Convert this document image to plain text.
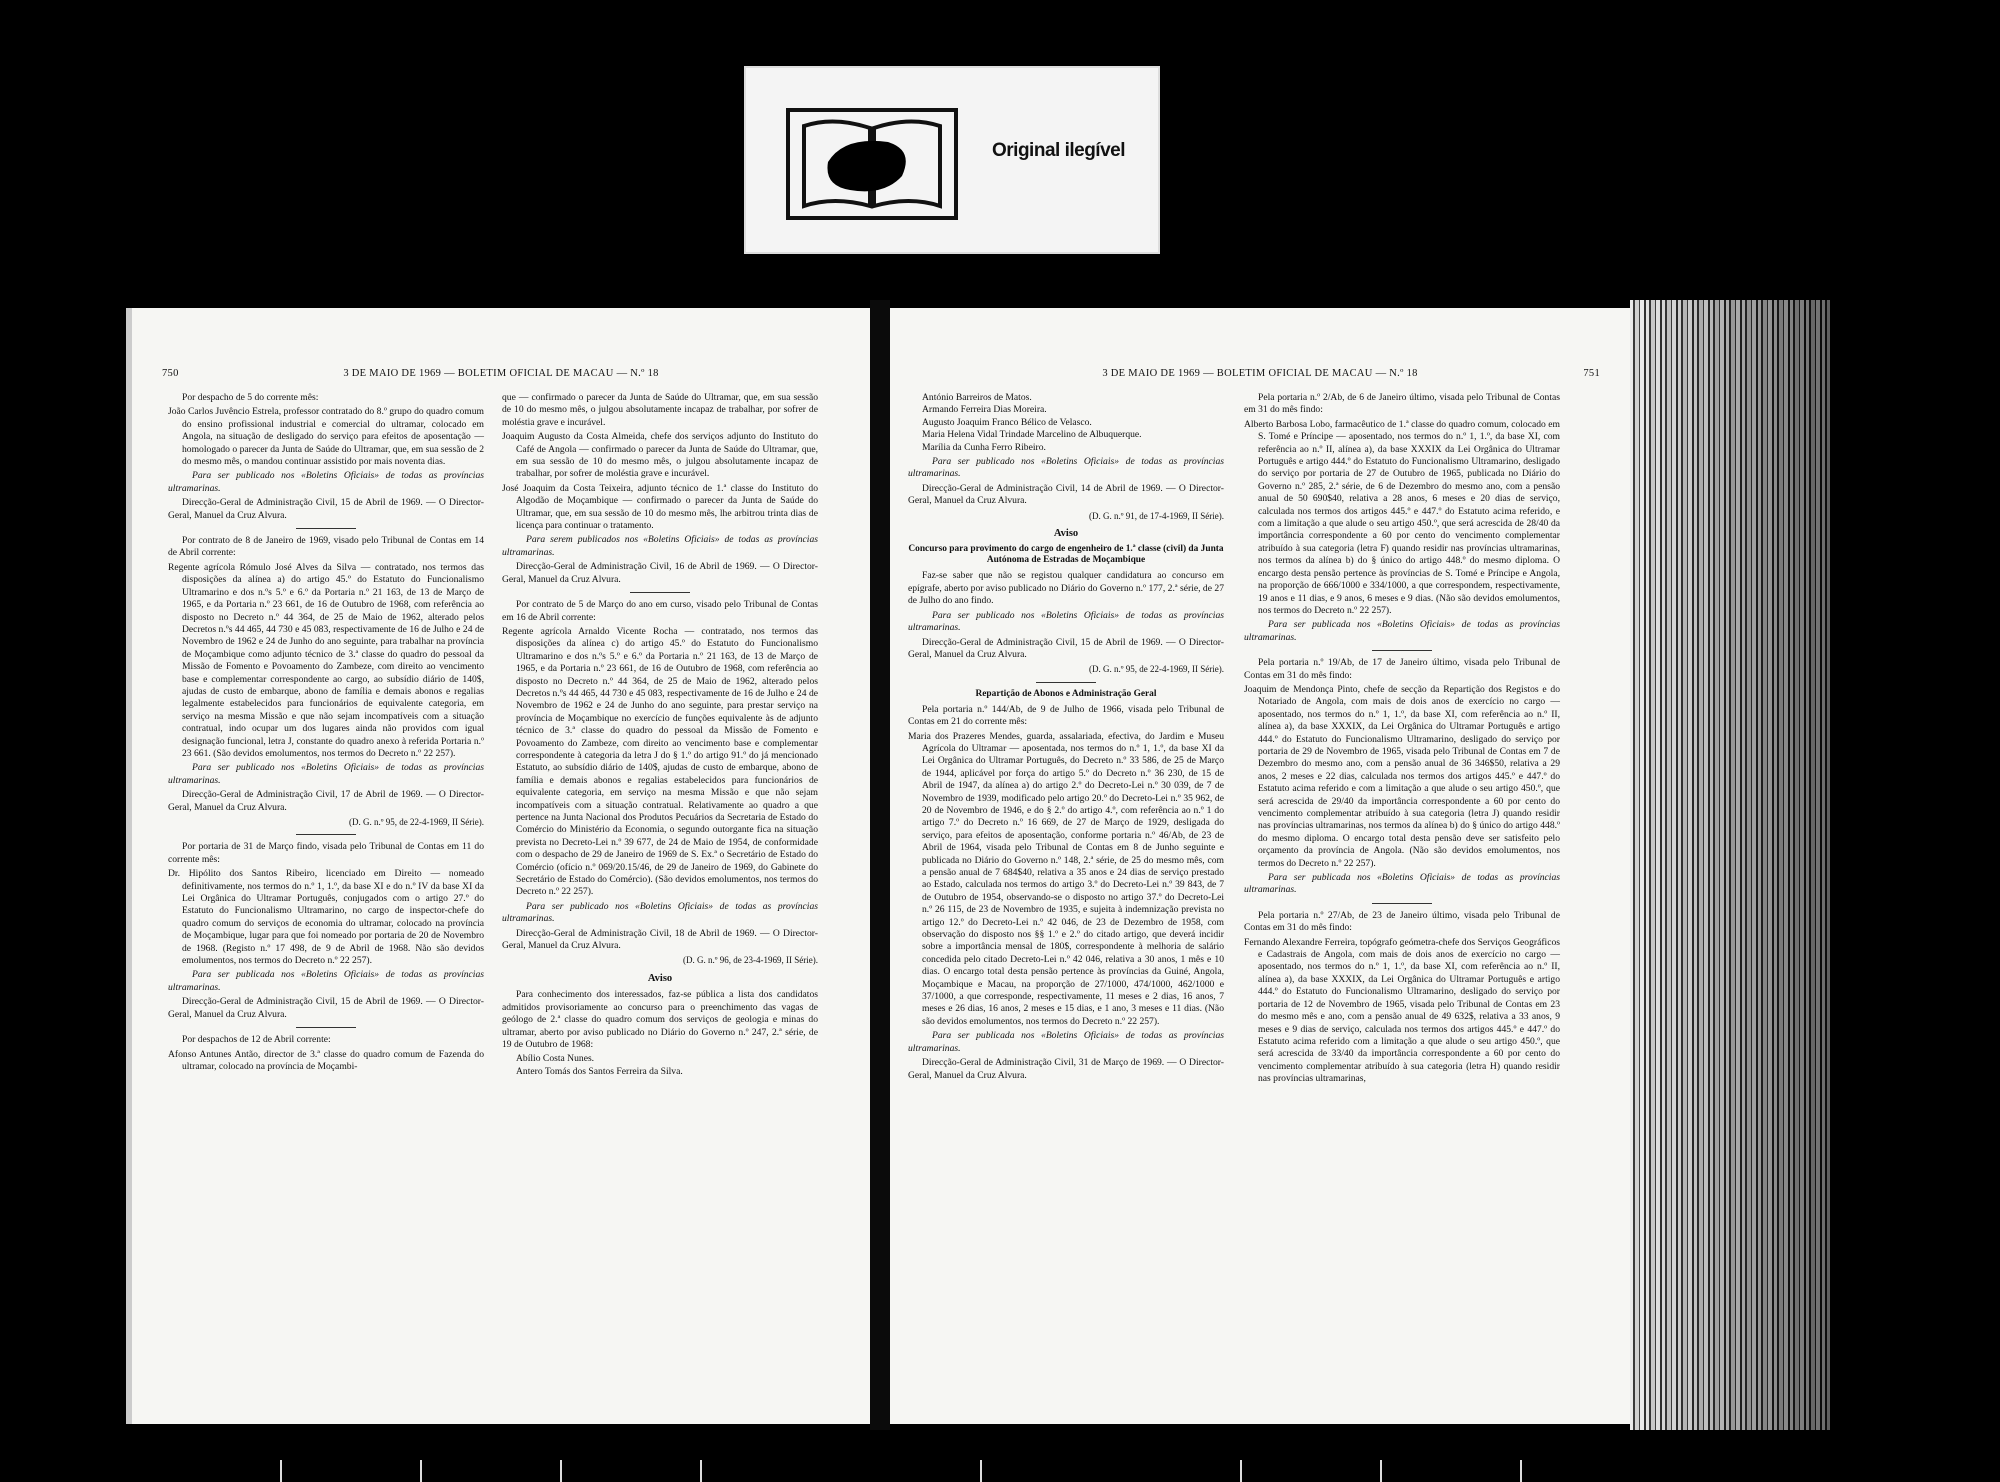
Original ilegível
750	3 DE MAIO DE 1969 — BOLETIM OFICIAL DE MACAU — N.º 18
Por despacho de 5 do corrente mês:
João Carlos Juvêncio Estrela, professor contratado do 8.º grupo do quadro comum do ensino profissional industrial e comercial do ultramar, colocado em Angola, na situação de desligado do serviço para efeitos de aposentação — homologado o parecer da Junta de Saúde do Ultramar, que, em sua sessão de 2 do mesmo mês, o mandou continuar assistido por mais noventa dias.
Para ser publicado nos «Boletins Oficiais» de todas as províncias ultramarinas.
Direcção-Geral de Administração Civil, 15 de Abril de 1969. — O Director-Geral, Manuel da Cruz Alvura.
Por contrato de 8 de Janeiro de 1969, visado pelo Tribunal de Contas em 14 de Abril corrente:
Regente agrícola Rómulo José Alves da Silva — contratado, nos termos das disposições da alínea a) do artigo 45.º do Estatuto do Funcionalismo Ultramarino e dos n.ºs 5.º e 6.º da Portaria n.º 21 163, de 13 de Março de 1965, e da Portaria n.º 23 661, de 16 de Outubro de 1968, com referência ao disposto no Decreto n.º 44 364, de 25 de Maio de 1962, alterado pelos Decretos n.ºs 44 465, 44 730 e 45 083, respectivamente de 16 de Julho e 24 de Novembro de 1962 e 24 de Junho do ano seguinte, para trabalhar na província de Moçambique como adjunto técnico de 3.ª classe do quadro do pessoal da Missão de Fomento e Povoamento do Zambeze, com direito ao vencimento base e complementar correspondente ao cargo, ao subsídio diário de 140$, ajudas de custo de embarque, abono de família e demais abonos e regalias legalmente estabelecidos para funcionários de equivalente categoria, em serviço na mesma Missão e que não sejam incompatíveis com a situação contratual, indo ocupar um dos lugares ainda não providos com igual designação funcional, letra J, constante do quadro anexo à referida Portaria n.º 23 661. (São devidos emolumentos, nos termos do Decreto n.º 22 257).
Para ser publicado nos «Boletins Oficiais» de todas as províncias ultramarinas.
Direcção-Geral de Administração Civil, 17 de Abril de 1969. — O Director-Geral, Manuel da Cruz Alvura.
(D. G. n.º 95, de 22-4-1969, II Série).
Por portaria de 31 de Março findo, visada pelo Tribunal de Contas em 11 do corrente mês:
Dr. Hipólito dos Santos Ribeiro, licenciado em Direito — nomeado definitivamente, nos termos do n.º 1, 1.º, da base XI e do n.º IV da base XI da Lei Orgânica do Ultramar Português, conjugados com o artigo 27.º do Estatuto do Funcionalismo Ultramarino, no cargo de inspector-chefe do quadro comum do serviços de economia do ultramar, colocado na província de Moçambique, lugar para que foi nomeado por portaria de 20 de Novembro de 1968. (Registo n.º 17 498, de 9 de Abril de 1968. Não são devidos emolumentos, nos termos do Decreto n.º 22 257).
Para ser publicada nos «Boletins Oficiais» de todas as províncias ultramarinas.
Direcção-Geral de Administração Civil, 15 de Abril de 1969. — O Director-Geral, Manuel da Cruz Alvura.
Por despachos de 12 de Abril corrente:
Afonso Antunes Antão, director de 3.ª classe do quadro comum de Fazenda do ultramar, colocado na província de Moçambi-
que — confirmado o parecer da Junta de Saúde do Ultramar, que, em sua sessão de 10 do mesmo mês, o julgou absolutamente incapaz de trabalhar, por sofrer de moléstia grave e incurável.
Joaquim Augusto da Costa Almeida, chefe dos serviços adjunto do Instituto do Café de Angola — confirmado o parecer da Junta de Saúde do Ultramar, que, em sua sessão de 10 do mesmo mês, o julgou absolutamente incapaz de trabalhar, por sofrer de moléstia grave e incurável.
José Joaquim da Costa Teixeira, adjunto técnico de 1.ª classe do Instituto do Algodão de Moçambique — confirmado o parecer da Junta de Saúde do Ultramar, que, em sua sessão de 10 do mesmo mês, lhe arbitrou trinta dias de licença para continuar o tratamento.
Para serem publicados nos «Boletins Oficiais» de todas as províncias ultramarinas.
Direcção-Geral de Administração Civil, 16 de Abril de 1969. — O Director-Geral, Manuel da Cruz Alvura.
Por contrato de 5 de Março do ano em curso, visado pelo Tribunal de Contas em 16 de Abril corrente:
Regente agrícola Arnaldo Vicente Rocha — contratado, nos termos das disposições da alínea c) do artigo 45.º do Estatuto do Funcionalismo Ultramarino e dos n.ºs 5.º e 6.º da Portaria n.º 21 163, de 13 de Março de 1965, e da Portaria n.º 23 661, de 16 de Outubro de 1968, com referência ao disposto no Decreto n.º 44 364, de 25 de Maio de 1962, alterado pelos Decretos n.ºs 44 465, 44 730 e 45 083, respectivamente de 16 de Julho e 24 de Novembro de 1962 e 24 de Junho do ano seguinte, para prestar serviço na província de Moçambique no exercício de funções equivalente às de adjunto técnico de 3.ª classe do quadro do pessoal da Missão de Fomento e Povoamento do Zambeze, com direito ao vencimento base e complementar correspondente à categoria da letra J do § 1.º do artigo 91.º do já mencionado Estatuto, ao subsídio diário de 140$, ajudas de custo de embarque, abono de família e demais abonos e regalias estabelecidos para funcionários de equivalente categoria, em serviço na mesma Missão e que não sejam incompatíveis com a situação contratual. Relativamente ao quadro a que pertence na Junta Nacional dos Produtos Pecuários da Secretaria de Estado do Comércio do Ministério da Economia, o segundo outorgante fica na situação prevista no Decreto-Lei n.º 39 677, de 24 de Maio de 1954, de conformidade com o despacho de 29 de Janeiro de 1969 de S. Ex.ª o Secretário de Estado do Comércio (ofício n.º 069/20.15/46, de 29 de Janeiro de 1969, do Gabinete do Secretário de Estado do Comércio). (São devidos emolumentos, nos termos do Decreto n.º 22 257).
Para ser publicado nos «Boletins Oficiais» de todas as províncias ultramarinas.
Direcção-Geral de Administração Civil, 18 de Abril de 1969. — O Director-Geral, Manuel da Cruz Alvura.
(D. G. n.º 96, de 23-4-1969, II Série).
Aviso
Para conhecimento dos interessados, faz-se pública a lista dos candidatos admitidos provisoriamente ao concurso para o preenchimento das vagas de geólogo de 2.ª classe do quadro comum dos serviços de geologia e minas do ultramar, aberto por aviso publicado no Diário do Governo n.º 247, 2.ª série, de 19 de Outubro de 1968:
Abílio Costa Nunes.
Antero Tomás dos Santos Ferreira da Silva.
3 DE MAIO DE 1969 — BOLETIM OFICIAL DE MACAU — N.º 18	751
António Barreiros de Matos.
Armando Ferreira Dias Moreira.
Augusto Joaquim Franco Bélico de Velasco.
Maria Helena Vidal Trindade Marcelino de Albuquerque.
Marília da Cunha Ferro Ribeiro.
Para ser publicado nos «Boletins Oficiais» de todas as províncias ultramarinas.
Direcção-Geral de Administração Civil, 14 de Abril de 1969. — O Director-Geral, Manuel da Cruz Alvura.
(D. G. n.º 91, de 17-4-1969, II Série).
Aviso
Concurso para provimento do cargo de engenheiro de 1.ª classe (civil) da Junta Autónoma de Estradas de Moçambique
Faz-se saber que não se registou qualquer candidatura ao concurso em epígrafe, aberto por aviso publicado no Diário do Governo n.º 177, 2.ª série, de 27 de Julho do ano findo.
Para ser publicado nos «Boletins Oficiais» de todas as províncias ultramarinas.
Direcção-Geral de Administração Civil, 15 de Abril de 1969. — O Director-Geral, Manuel da Cruz Alvura.
(D. G. n.º 95, de 22-4-1969, II Série).
Repartição de Abonos e Administração Geral
Pela portaria n.º 144/Ab, de 9 de Julho de 1966, visada pelo Tribunal de Contas em 21 do corrente mês:
Maria dos Prazeres Mendes, guarda, assalariada, efectiva, do Jardim e Museu Agrícola do Ultramar — aposentada, nos termos do n.º 1, 1.º, da base XI da Lei Orgânica do Ultramar Português, do Decreto n.º 33 586, de 25 de Março de 1944, aplicável por força do artigo 5.º do Decreto n.º 36 230, de 15 de Abril de 1947, da alínea a) do artigo 2.º do Decreto-Lei n.º 30 039, de 7 de Novembro de 1939, modificado pelo artigo 20.º do Decreto-Lei n.º 35 962, de 20 de Novembro de 1946, e do § 2.º do artigo 4.º, com referência ao n.º 1 do artigo 7.º do Decreto n.º 16 669, de 27 de Março de 1929, desligada do serviço, para efeitos de aposentação, conforme portaria n.º 46/Ab, de 23 de Abril de 1964, visada pelo Tribunal de Contas em 8 de Junho seguinte e publicada no Diário do Governo n.º 148, 2.ª série, de 25 do mesmo mês, com a pensão anual de 7 684$40, relativa a 35 anos e 24 dias de serviço prestado ao Estado, calculada nos termos do artigo 3.º do Decreto-Lei n.º 39 843, de 7 de Outubro de 1954, observando-se o disposto no artigo 37.º do Decreto-Lei n.º 26 115, de 23 de Novembro de 1935, e sujeita à indemnização prevista no artigo 12.º do Decreto-Lei n.º 42 046, de 23 de Dezembro de 1958, com observação do disposto nos §§ 1.º e 2.º do citado artigo, que deverá incidir sobre a importância mensal de 180$, correspondente à melhoria de salário concedida pelo citado Decreto-Lei n.º 42 046, relativa a 30 anos, 1 mês e 10 dias. O encargo total desta pensão pertence às províncias da Guiné, Angola, Moçambique e Macau, na proporção de 27/1000, 474/1000, 462/1000 e 37/1000, a que corresponde, respectivamente, 11 meses e 2 dias, 16 anos, 7 meses e 26 dias, 16 anos, 2 meses e 15 dias, e 1 ano, 3 meses e 11 dias. (Não são devidos emolumentos, nos termos do Decreto n.º 22 257).
Para ser publicada nos «Boletins Oficiais» de todas as províncias ultramarinas.
Direcção-Geral de Administração Civil, 31 de Março de 1969. — O Director-Geral, Manuel da Cruz Alvura.
Pela portaria n.º 2/Ab, de 6 de Janeiro último, visada pelo Tribunal de Contas em 31 do mês findo:
Alberto Barbosa Lobo, farmacêutico de 1.ª classe do quadro comum, colocado em S. Tomé e Príncipe — aposentado, nos termos do n.º 1, 1.º, da base XI, com referência ao n.º II, alínea a), da base XXXIX da Lei Orgânica do Ultramar Português e artigo 444.º do Estatuto do Funcionalismo Ultramarino, desligado do serviço por portaria de 27 de Outubro de 1965, publicada no Diário do Governo n.º 285, 2.ª série, de 6 de Dezembro do mesmo ano, com a pensão anual de 50 690$40, relativa a 28 anos, 6 meses e 20 dias de serviço, calculada nos termos dos artigos 445.º e 447.º do Estatuto acima referido, e com a limitação a que alude o seu artigo 450.º, que será acrescida de 28/40 da importância correspondente a 60 por cento do vencimento complementar atribuído à sua categoria (letra F) quando residir nas províncias ultramarinas, nos termos da alínea b) do § único do artigo 448.º do mesmo diploma. O encargo desta pensão pertence às províncias de S. Tomé e Príncipe e Angola, na proporção de 666/1000 e 334/1000, a que correspondem, respectivamente, 19 anos e 11 dias, e 9 anos, 6 meses e 9 dias. (Não são devidos emolumentos, nos termos do Decreto n.º 22 257).
Para ser publicada nos «Boletins Oficiais» de todas as províncias ultramarinas.
Pela portaria n.º 19/Ab, de 17 de Janeiro último, visada pelo Tribunal de Contas em 31 do mês findo:
Joaquim de Mendonça Pinto, chefe de secção da Repartição dos Registos e do Notariado de Angola, com mais de dois anos de exercício no cargo — aposentado, nos termos do n.º 1, 1.º, da base XI, com referência ao n.º II, alínea a), da base XXXIX, da Lei Orgânica do Ultramar Português e artigo 444.º do Estatuto do Funcionalismo Ultramarino, desligado do serviço por portaria de 29 de Novembro de 1965, visada pelo Tribunal de Contas em 7 de Dezembro do mesmo ano, com a pensão anual de 36 346$50, relativa a 29 anos, 2 meses e 22 dias, calculada nos termos dos artigos 445.º e 447.º do Estatuto acima referido e com a limitação a que alude o seu artigo 450.º, que será acrescida de 29/40 da importância correspondente a 60 por cento do vencimento complementar atribuído à sua categoria (letra J) quando residir nas províncias ultramarinas, nos termos da alínea b) do § único do artigo 448.º do mesmo diploma. O encargo total desta pensão deve ser satisfeito pelo orçamento da província de Angola. (Não são devidos emolumentos, nos termos do Decreto n.º 22 257).
Para ser publicada nos «Boletins Oficiais» de todas as províncias ultramarinas.
Pela portaria n.º 27/Ab, de 23 de Janeiro último, visada pelo Tribunal de Contas em 31 do mês findo:
Fernando Alexandre Ferreira, topógrafo geómetra-chefe dos Serviços Geográficos e Cadastrais de Angola, com mais de dois anos de exercício no cargo — aposentado, nos termos do n.º 1, 1.º, da base XI, com referência ao n.º II, alínea a), da base XXXIX, da Lei Orgânica do Ultramar Português e artigo 444.º do Estatuto do Funcionalismo Ultramarino, desligado do serviço por portaria de 12 de Novembro de 1965, visada pelo Tribunal de Contas em 23 do mesmo mês e ano, com a pensão anual de 49 632$, relativa a 33 anos, 9 meses e 9 dias de serviço, calculada nos termos dos artigos 445.º e 447.º do Estatuto acima referido com a limitação a que alude o seu artigo 450.º, que será acrescida de 33/40 da importância correspondente a 60 por cento do vencimento complementar atribuído à sua categoria (letra H) quando residir nas províncias ultramarinas,
